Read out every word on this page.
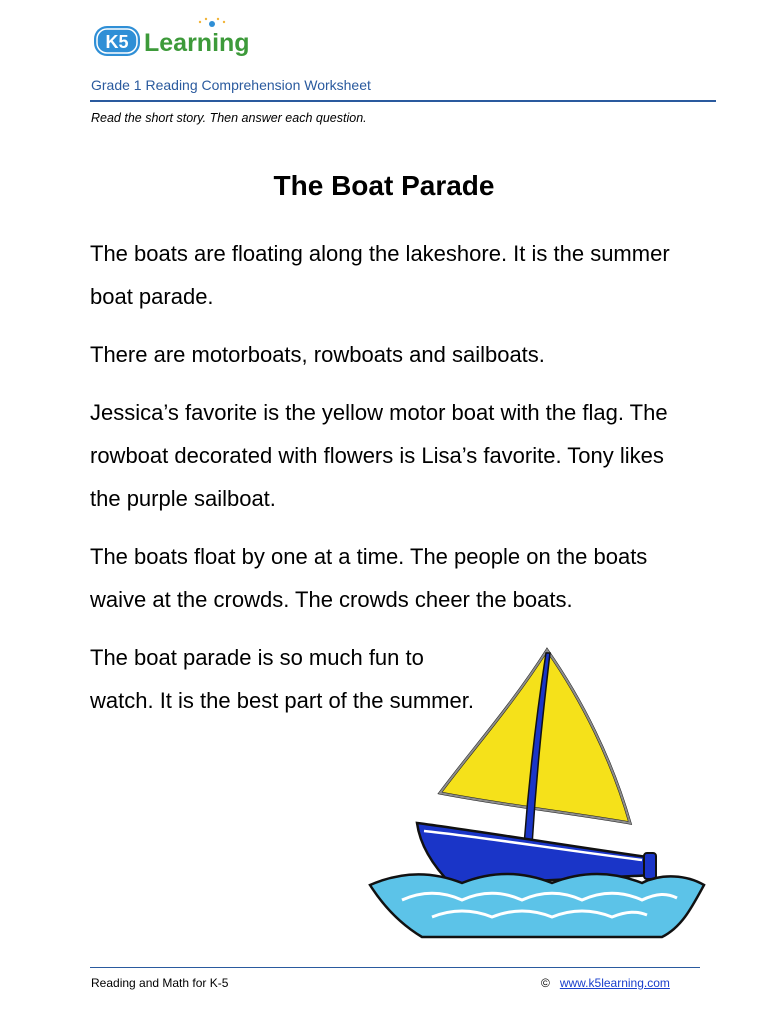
K5 Learning
Grade 1 Reading Comprehension Worksheet
Read the short story. Then answer each question.
The Boat Parade

The boats are floating along the lakeshore. It is the summer boat parade.

There are motorboats, rowboats and sailboats.

Jessica’s favorite is the yellow motor boat with the flag. The rowboat decorated with flowers is Lisa’s favorite. Tony likes the purple sailboat.

The boats float by one at a time. The people on the boats waive at the crowds. The crowds cheer the boats.

The boat parade is so much fun to watch. It is the best part of the summer.

Reading and Math for K-5	© www.k5learning.com
